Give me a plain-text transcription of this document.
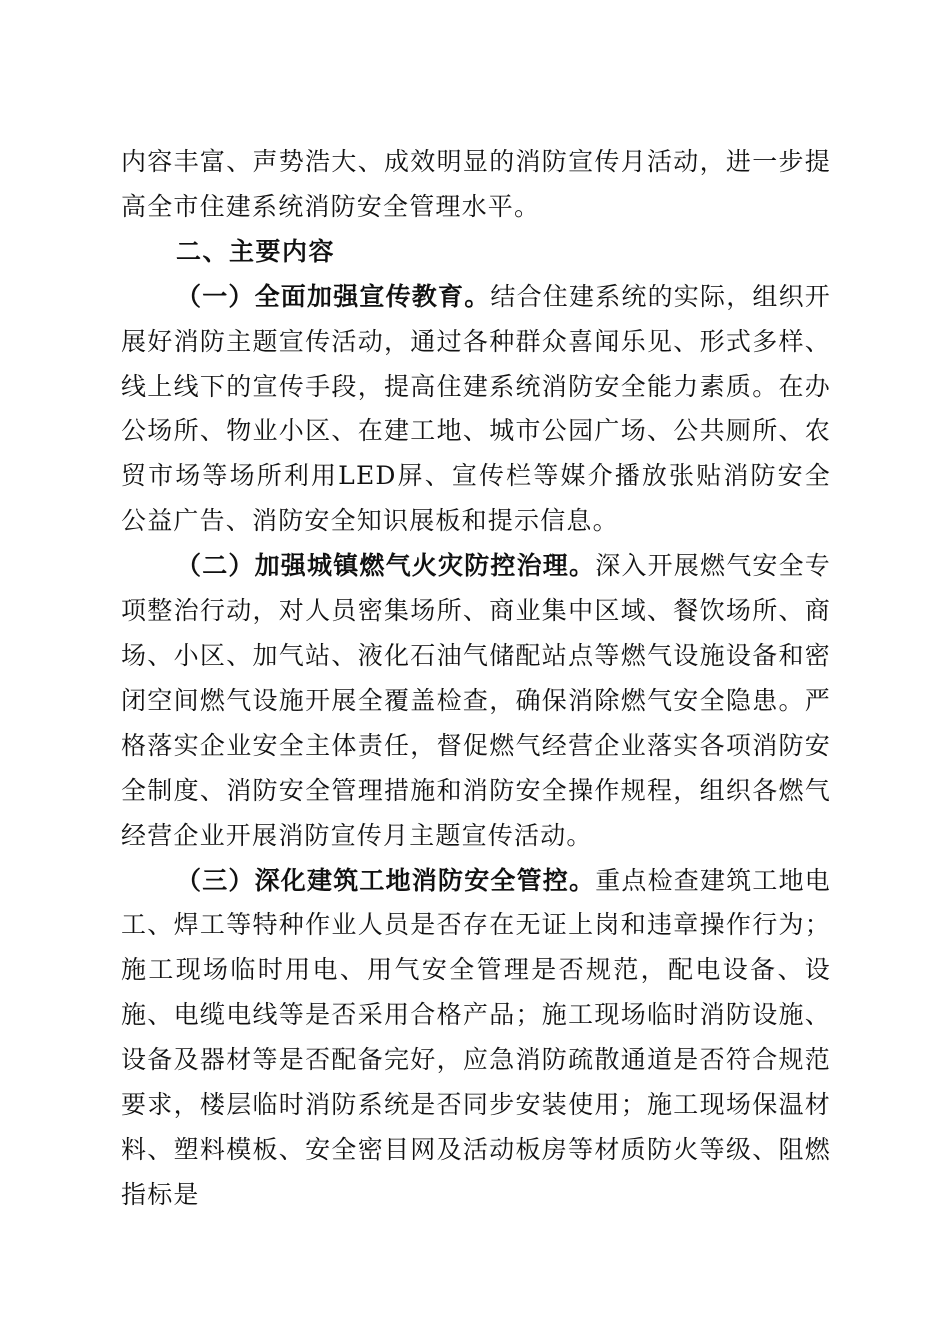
内容丰富、声势浩大、成效明显的消防宣传月活动，进一步提高全市住建系统消防安全管理水平。

二、主要内容

（一）全面加强宣传教育。结合住建系统的实际，组织开展好消防主题宣传活动，通过各种群众喜闻乐见、形式多样、线上线下的宣传手段，提高住建系统消防安全能力素质。在办公场所、物业小区、在建工地、城市公园广场、公共厕所、农贸市场等场所利用LED屏、宣传栏等媒介播放张贴消防安全公益广告、消防安全知识展板和提示信息。

（二）加强城镇燃气火灾防控治理。深入开展燃气安全专项整治行动，对人员密集场所、商业集中区域、餐饮场所、商场、小区、加气站、液化石油气储配站点等燃气设施设备和密闭空间燃气设施开展全覆盖检查，确保消除燃气安全隐患。严格落实企业安全主体责任，督促燃气经营企业落实各项消防安全制度、消防安全管理措施和消防安全操作规程，组织各燃气经营企业开展消防宣传月主题宣传活动。

（三）深化建筑工地消防安全管控。重点检查建筑工地电工、焊工等特种作业人员是否存在无证上岗和违章操作行为；施工现场临时用电、用气安全管理是否规范，配电设备、设施、电缆电线等是否采用合格产品；施工现场临时消防设施、设备及器材等是否配备完好，应急消防疏散通道是否符合规范要求，楼层临时消防系统是否同步安装使用；施工现场保温材料、塑料模板、安全密目网及活动板房等材质防火等级、阻燃指标是
